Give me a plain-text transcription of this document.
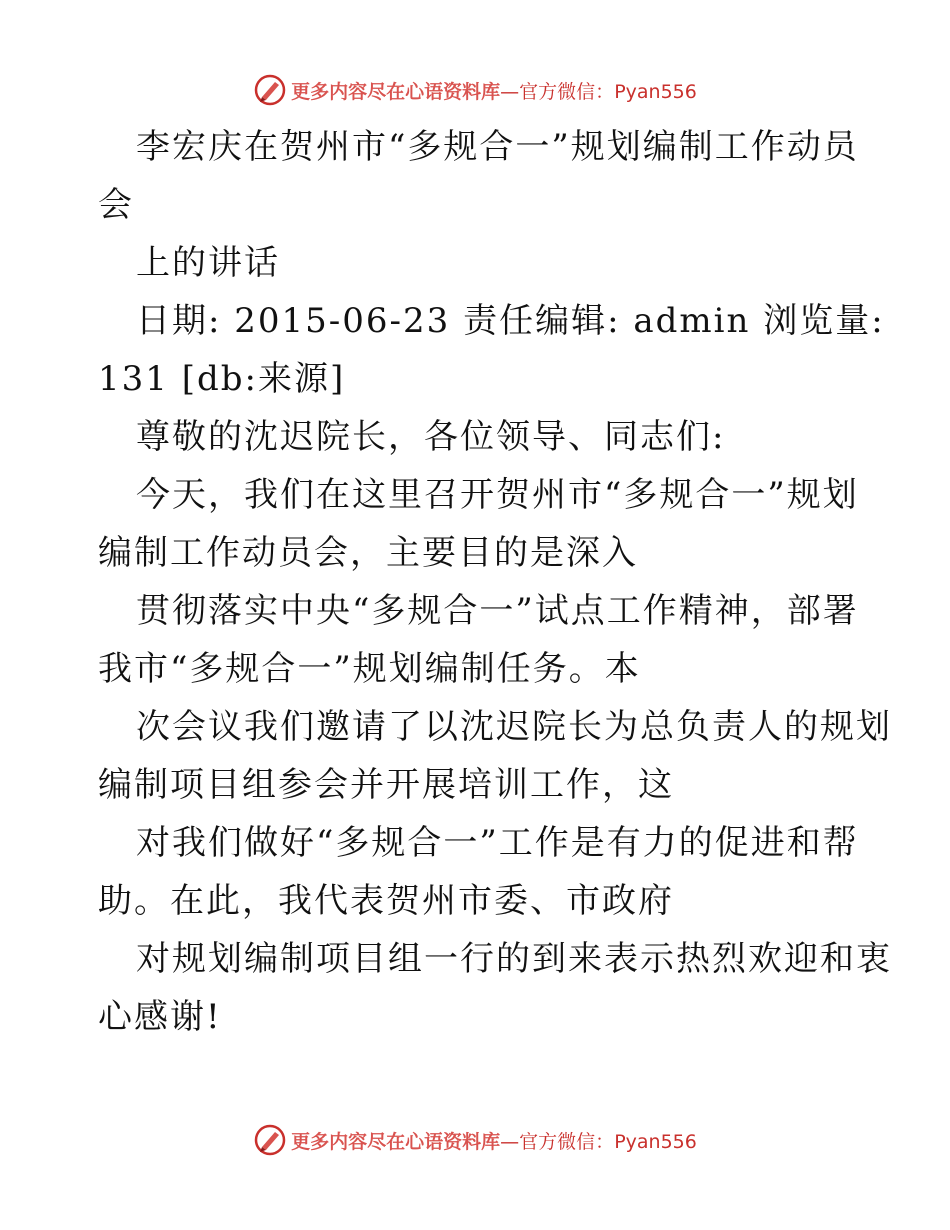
更多内容尽在心语资料库—官方微信：Pyan556
李宏庆在贺州市“多规合一”规划编制工作动员
会
上的讲话
日期: 2015-06-23 责任编辑: admin 浏览量:
131 [db:来源]
尊敬的沈迟院长，各位领导、同志们:
今天，我们在这里召开贺州市“多规合一”规划
编制工作动员会，主要目的是深入
贯彻落实中央“多规合一”试点工作精神，部署
我市“多规合一”规划编制任务。本
次会议我们邀请了以沈迟院长为总负责人的规划
编制项目组参会并开展培训工作，这
对我们做好“多规合一”工作是有力的促进和帮
助。在此，我代表贺州市委、市政府
对规划编制项目组一行的到来表示热烈欢迎和衷
心感谢!
更多内容尽在心语资料库—官方微信：Pyan556
